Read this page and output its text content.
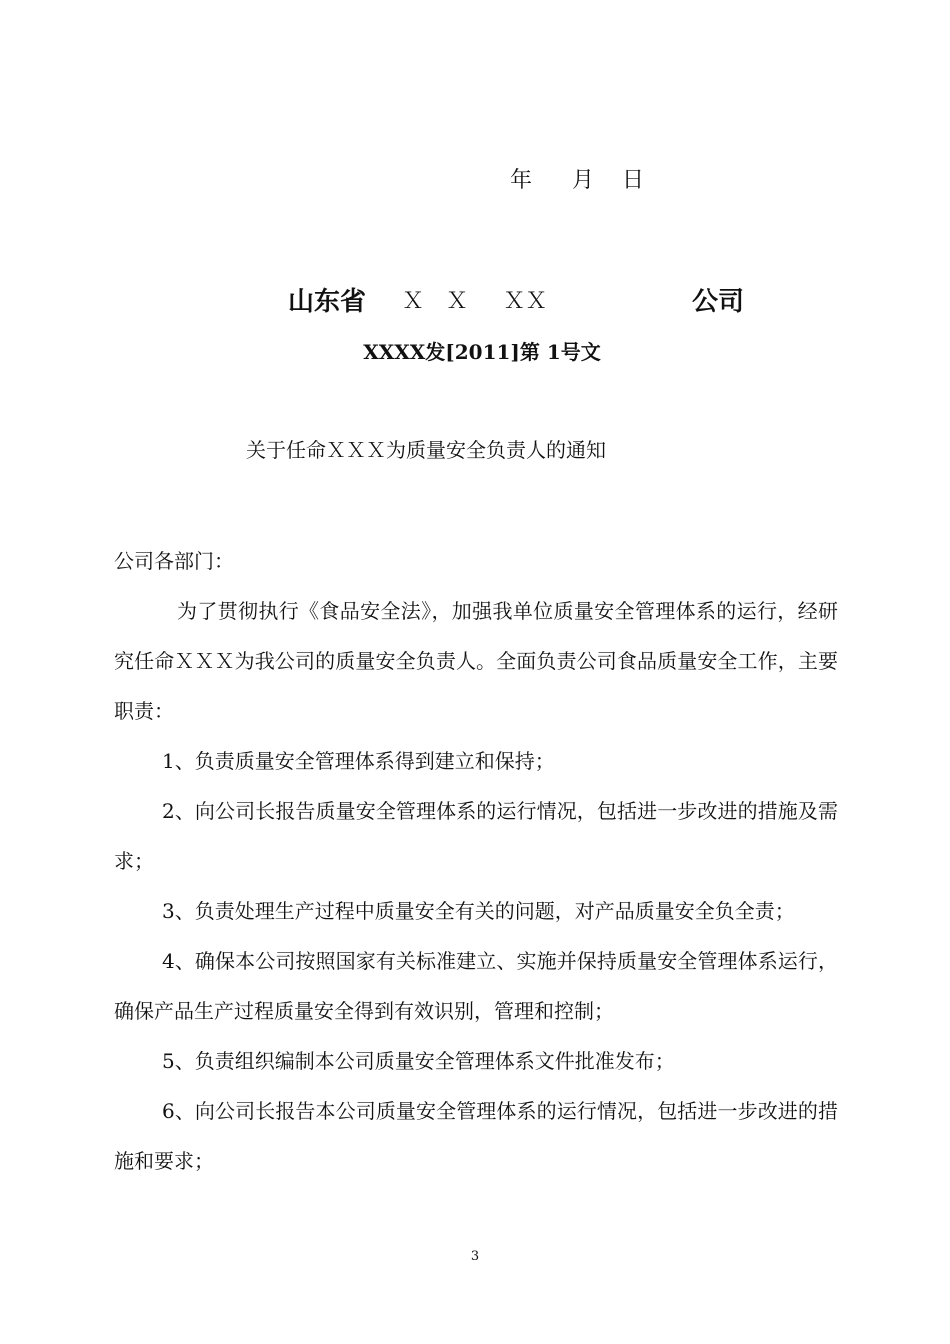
年 月 日

山东省 Ｘ　Ｘ　 ＸＸ	公司
XXXX发[2011]第 1号文
关于任命ＸＸＸ为质量安全负责人的通知

公司各部门：

为了贯彻执行《食品安全法》，加强我单位质量安全管理体系的运行，经研究任命ＸＸＸ为我公司的质量安全负责人。全面负责公司食品质量安全工作，主要职责：

1、负责质量安全管理体系得到建立和保持；

2、向公司长报告质量安全管理体系的运行情况，包括进一步改进的措施及需求；

3、负责处理生产过程中质量安全有关的问题，对产品质量安全负全责；

4、确保本公司按照国家有关标准建立、实施并保持质量安全管理体系运行，确保产品生产过程质量安全得到有效识别，管理和控制；

5、负责组织编制本公司质量安全管理体系文件批准发布；

6、向公司长报告本公司质量安全管理体系的运行情况，包括进一步改进的措施和要求；

3
